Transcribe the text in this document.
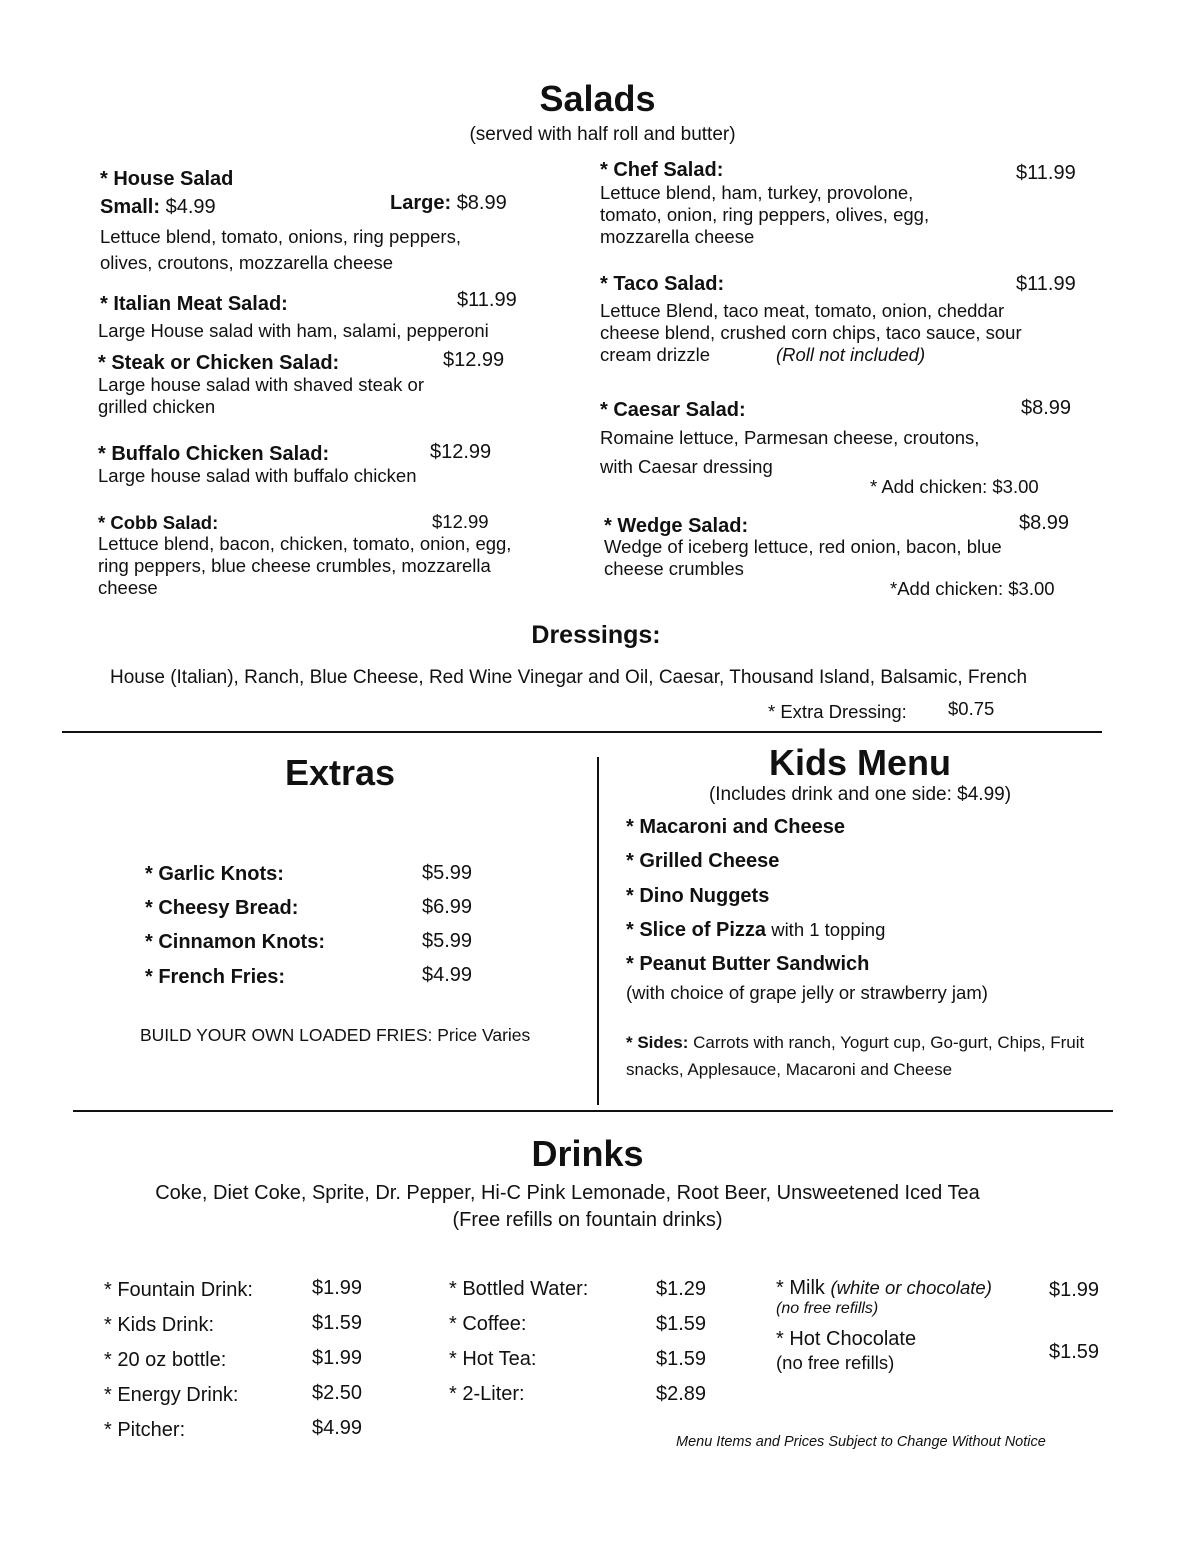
Salads
(served with half roll and butter)
* House Salad
Small: $4.99	Large: $8.99
Lettuce blend, tomato, onions, ring peppers, olives, croutons, mozzarella cheese
* Italian Meat Salad:	$11.99
Large House salad with ham, salami, pepperoni
* Steak or Chicken Salad:	$12.99
Large house salad with shaved steak or grilled chicken
* Buffalo Chicken Salad:	$12.99
Large house salad with buffalo chicken
* Cobb Salad:	$12.99
Lettuce blend, bacon, chicken, tomato, onion, egg, ring peppers, blue cheese crumbles, mozzarella cheese
* Chef Salad:	$11.99
Lettuce blend, ham, turkey, provolone, tomato, onion, ring peppers, olives, egg, mozzarella cheese
* Taco Salad:	$11.99
Lettuce Blend, taco meat, tomato, onion, cheddar cheese blend, crushed corn chips, taco sauce, sour cream drizzle	(Roll not included)
* Caesar Salad:	$8.99
Romaine lettuce, Parmesan cheese, croutons, with Caesar dressing
* Add chicken: $3.00
* Wedge Salad:	$8.99
Wedge of iceberg lettuce, red onion, bacon, blue cheese crumbles
*Add chicken: $3.00
Dressings:
House (Italian), Ranch, Blue Cheese, Red Wine Vinegar and Oil, Caesar, Thousand Island, Balsamic, French
* Extra Dressing: $0.75
Extras
* Garlic Knots:	$5.99
* Cheesy Bread:	$6.99
* Cinnamon Knots:	$5.99
* French Fries:	$4.99
BUILD YOUR OWN LOADED FRIES: Price Varies
Kids Menu
(Includes drink and one side: $4.99)
* Macaroni and Cheese
* Grilled Cheese
* Dino Nuggets
* Slice of Pizza with 1 topping
* Peanut Butter Sandwich
(with choice of grape jelly or strawberry jam)
* Sides: Carrots with ranch, Yogurt cup, Go-gurt, Chips, Fruit snacks, Applesauce, Macaroni and Cheese
Drinks
Coke, Diet Coke, Sprite, Dr. Pepper, Hi-C Pink Lemonade, Root Beer, Unsweetened Iced Tea
(Free refills on fountain drinks)
* Fountain Drink:	$1.99
* Kids Drink:	$1.59
* 20 oz bottle:	$1.99
* Energy Drink:	$2.50
* Pitcher:	$4.99
* Bottled Water:	$1.29
* Coffee:	$1.59
* Hot Tea:	$1.59
* 2-Liter:	$2.89
* Milk (white or chocolate)
(no free refills)
$1.99
* Hot Chocolate
(no free refills)	$1.59
Menu Items and Prices Subject to Change Without Notice
